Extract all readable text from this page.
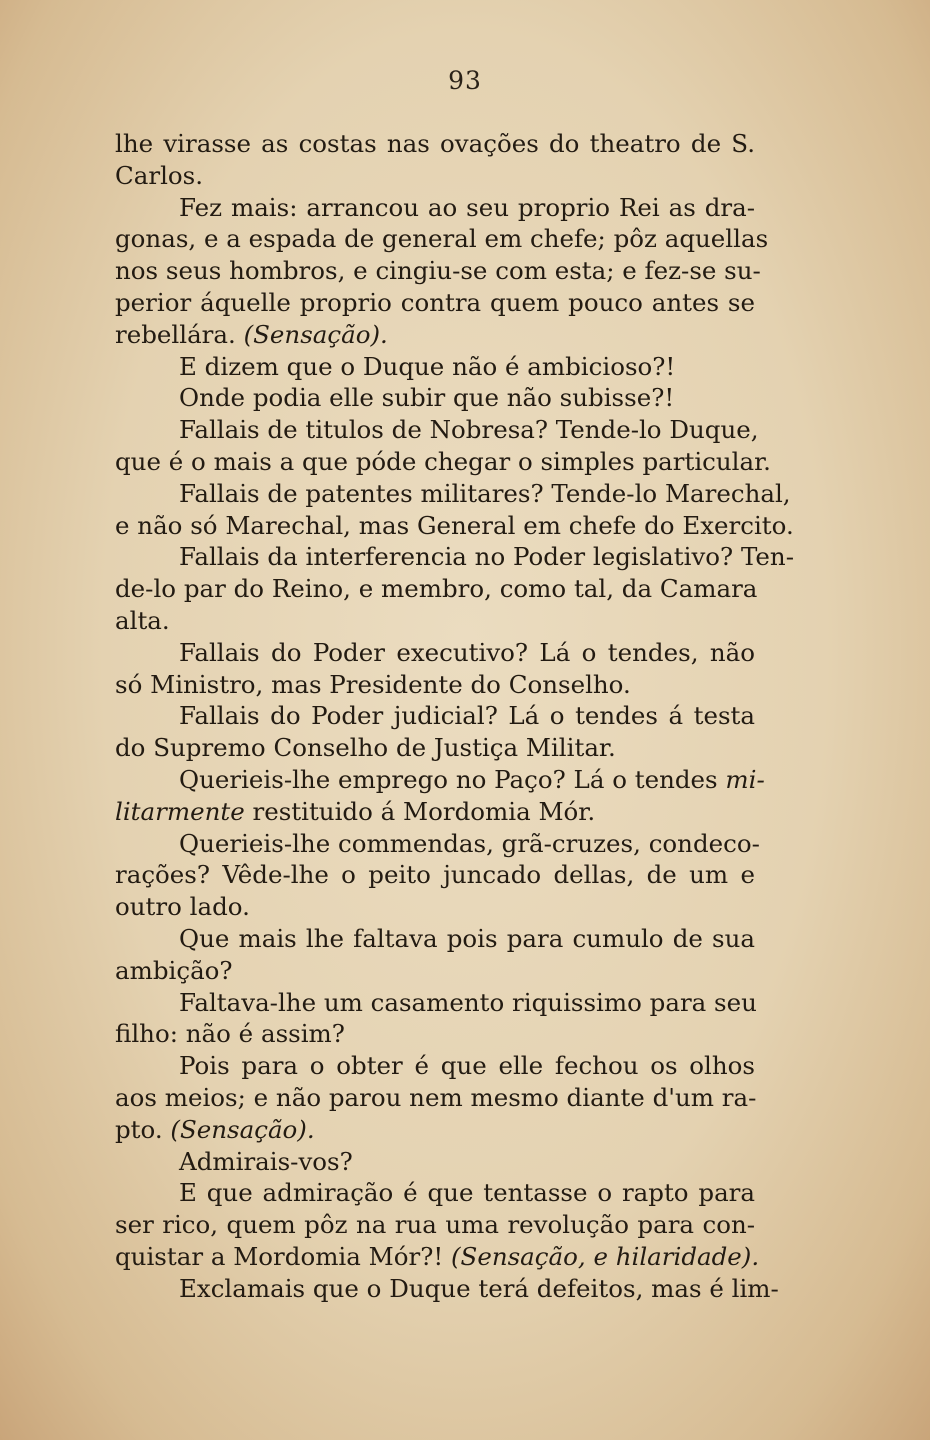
93
lhe virasse as costas nas ovações do theatro de S.
Carlos.
Fez mais: arrancou ao seu proprio Rei as dra-
gonas, e a espada de general em chefe; pôz aquellas
nos seus hombros, e cingiu-se com esta; e fez-se su-
perior áquelle proprio contra quem pouco antes se
rebellára. (Sensação).
E dizem que o Duque não é ambicioso?!
Onde podia elle subir que não subisse?!
Fallais de titulos de Nobresa? Tende-lo Duque,
que é o mais a que póde chegar o simples particular.
Fallais de patentes militares? Tende-lo Marechal,
e não só Marechal, mas General em chefe do Exercito.
Fallais da interferencia no Poder legislativo? Ten-
de-lo par do Reino, e membro, como tal, da Camara
alta.
Fallais do Poder executivo? Lá o tendes, não
só Ministro, mas Presidente do Conselho.
Fallais do Poder judicial? Lá o tendes á testa
do Supremo Conselho de Justiça Militar.
Querieis-lhe emprego no Paço? Lá o tendes mi-
litarmente restituido á Mordomia Mór.
Querieis-lhe commendas, grã-cruzes, condeco-
rações? Vêde-lhe o peito juncado dellas, de um e
outro lado.
Que mais lhe faltava pois para cumulo de sua
ambição?
Faltava-lhe um casamento riquissimo para seu
filho: não é assim?
Pois para o obter é que elle fechou os olhos
aos meios; e não parou nem mesmo diante d'um ra-
pto. (Sensação).
Admirais-vos?
E que admiração é que tentasse o rapto para
ser rico, quem pôz na rua uma revolução para con-
quistar a Mordomia Mór?! (Sensação, e hilaridade).
Exclamais que o Duque terá defeitos, mas é lim-
